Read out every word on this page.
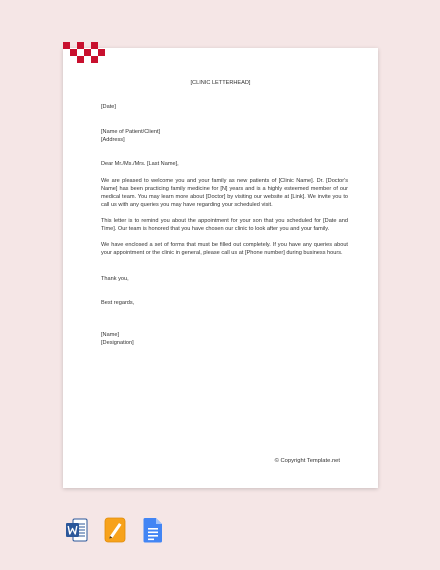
[CLINIC LETTERHEAD]
[Date]
[Name of Patient/Client]
[Address]
Dear Mr./Ms./Mrs. [Last Name],
We are pleased to welcome you and your family as new patients of [Clinic Name]. Dr. [Doctor's Name] has been practicing family medicine for [N] years and is a highly esteemed member of our medical team. You may learn more about [Doctor] by visiting our website at [Link]. We invite you to call us with any queries you may have regarding your scheduled visit.
This letter is to remind you about the appointment for your son that you scheduled for [Date and Time]. Our team is honored that you have chosen our clinic to look after you and your family.
We have enclosed a set of forms that must be filled out completely. If you have any queries about your appointment or the clinic in general, please call us at [Phone number] during business hours.
Thank you,
Best regards,
[Name]
[Designation]
© Copyright Template.net
